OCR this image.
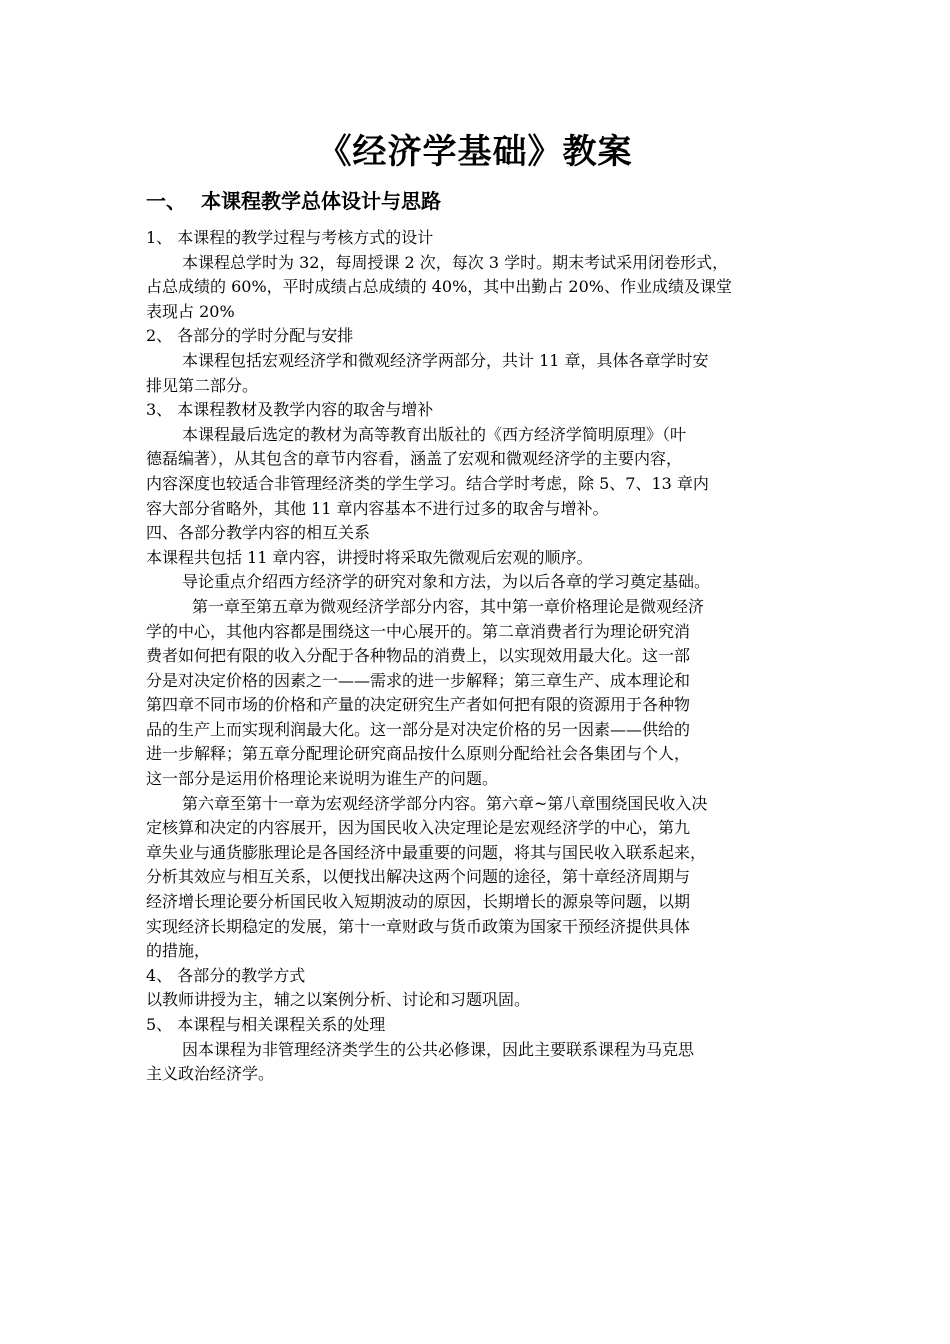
《经济学基础》教案
一、 本课程教学总体设计与思路
1、 本课程的教学过程与考核方式的设计
本课程总学时为 32，每周授课 2 次，每次 3 学时。期末考试采用闭卷形式，
占总成绩的 60%，平时成绩占总成绩的 40%，其中出勤占 20%、作业成绩及课堂
表现占 20%
2、 各部分的学时分配与安排
本课程包括宏观经济学和微观经济学两部分，共计 11 章，具体各章学时安
排见第二部分。
3、 本课程教材及教学内容的取舍与增补
本课程最后选定的教材为高等教育出版社的《西方经济学简明原理》（叶
德磊编著），从其包含的章节内容看，涵盖了宏观和微观经济学的主要内容，
内容深度也较适合非管理经济类的学生学习。结合学时考虑，除 5、7、13 章内
容大部分省略外，其他 11 章内容基本不进行过多的取舍与增补。
四、各部分教学内容的相互关系
本课程共包括 11 章内容，讲授时将采取先微观后宏观的顺序。
导论重点介绍西方经济学的研究对象和方法，为以后各章的学习奠定基础。
第一章至第五章为微观经济学部分内容，其中第一章价格理论是微观经济
学的中心，其他内容都是围绕这一中心展开的。第二章消费者行为理论研究消
费者如何把有限的收入分配于各种物品的消费上，以实现效用最大化。这一部
分是对决定价格的因素之一——需求的进一步解释；第三章生产、成本理论和
第四章不同市场的价格和产量的决定研究生产者如何把有限的资源用于各种物
品的生产上而实现利润最大化。这一部分是对决定价格的另一因素——供给的
进一步解释；第五章分配理论研究商品按什么原则分配给社会各集团与个人，
这一部分是运用价格理论来说明为谁生产的问题。
第六章至第十一章为宏观经济学部分内容。第六章~第八章围绕国民收入决
定核算和决定的内容展开，因为国民收入决定理论是宏观经济学的中心，第九
章失业与通货膨胀理论是各国经济中最重要的问题，将其与国民收入联系起来，
分析其效应与相互关系，以便找出解决这两个问题的途径，第十章经济周期与
经济增长理论要分析国民收入短期波动的原因，长期增长的源泉等问题，以期
实现经济长期稳定的发展，第十一章财政与货币政策为国家干预经济提供具体
的措施，
4、 各部分的教学方式
以教师讲授为主，辅之以案例分析、讨论和习题巩固。
5、 本课程与相关课程关系的处理
因本课程为非管理经济类学生的公共必修课，因此主要联系课程为马克思
主义政治经济学。
